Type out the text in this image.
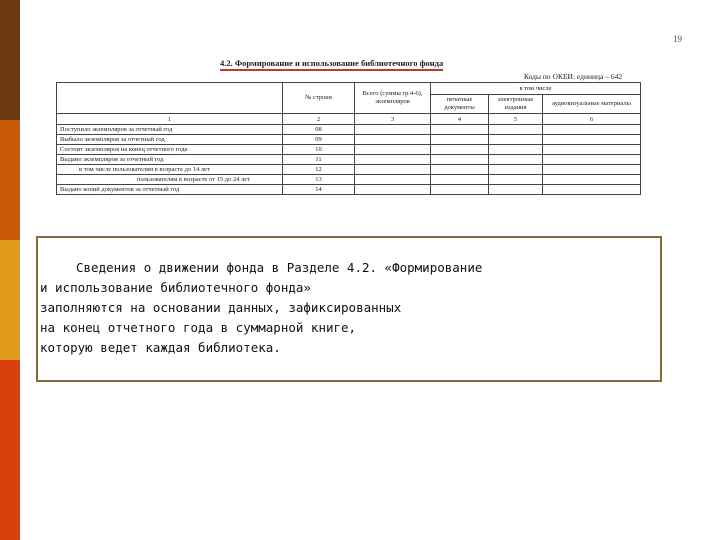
19
4.2. Формирование и использование библиотечного фонда
Коды по ОКЕИ: единица – 642
	№ строки	Всего (суммы гр.4-6), экземпляров	в том числе		
			печатные документы	электронные издания	аудиовизуальные материалы
1	2	3	4	5	6
Поступило экземпляров за отчетный год	08				
Выбыло экземпляров за отчетный год	09				
Состоит экземпляров на конец отчетного года	10				
Выдано экземпляров за отчетный год	11				
в том числе пользователям в возрасте до 14 лет	12				
пользователям в возрасте от 15 до 24 лет	13				
Выдано копий документов за отчетный год	14				

Сведения о движении фонда в Разделе 4.2. «Формирование

и использование библиотечного фонда»

заполняются на основании данных, зафиксированных

на конец отчетного года в суммарной книге,

которую ведет каждая библиотека.
